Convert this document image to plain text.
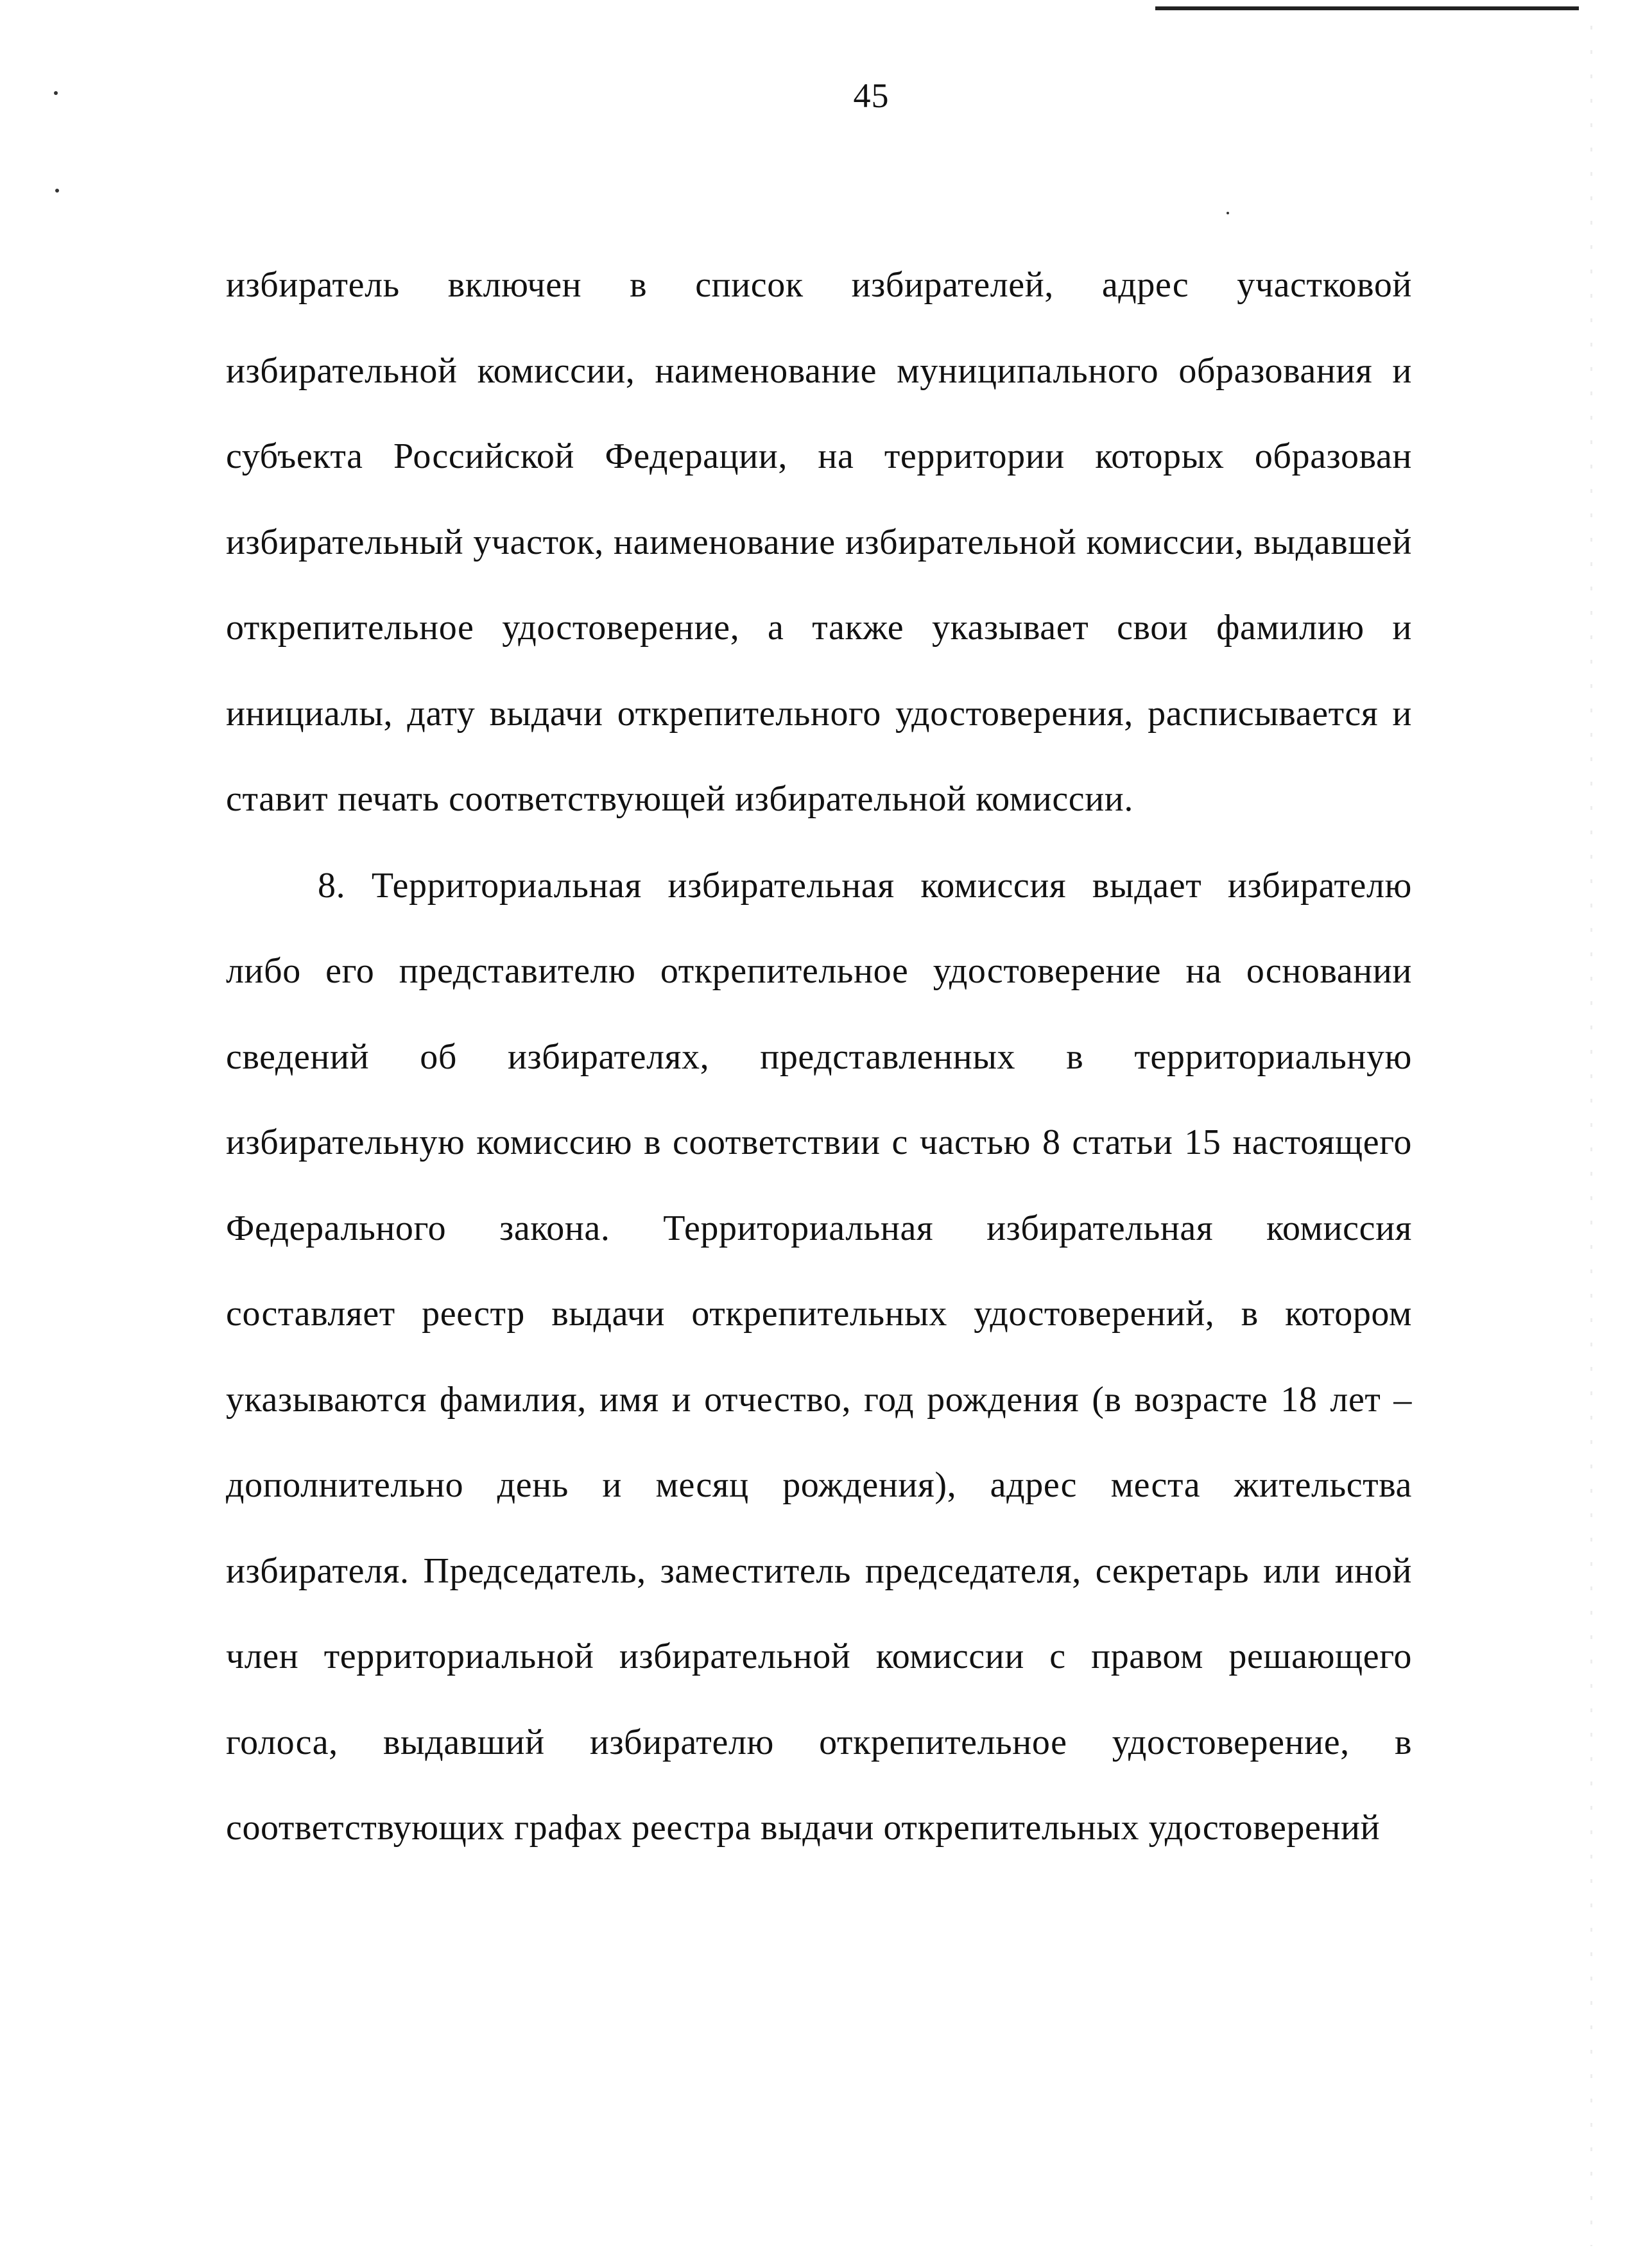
45

избиратель включен в список избирателей, адрес участковой избирательной комиссии, наименование муниципального образования и субъекта Российской Федерации, на территории которых образован избирательный участок, наименование избирательной комиссии, выдавшей открепительное удостоверение, а также указывает свои фамилию и инициалы, дату выдачи открепительного удостоверения, расписывается и ставит печать соответствующей избирательной комиссии.

8. Территориальная избирательная комиссия выдает избирателю либо его представителю открепительное удостоверение на основании сведений об избирателях, представленных в территориальную избирательную комиссию в соответствии с частью 8 статьи 15 настоящего Федерального закона. Территориальная избирательная комиссия составляет реестр выдачи открепительных удостоверений, в котором указываются фамилия, имя и отчество, год рождения (в возрасте 18 лет – дополнительно день и месяц рождения), адрес места жительства избирателя. Председатель, заместитель председателя, секретарь или иной член территориальной избирательной комиссии с правом решающего голоса, выдавший избирателю открепительное удостоверение, в соответствующих графах реестра выдачи открепительных удостоверений
